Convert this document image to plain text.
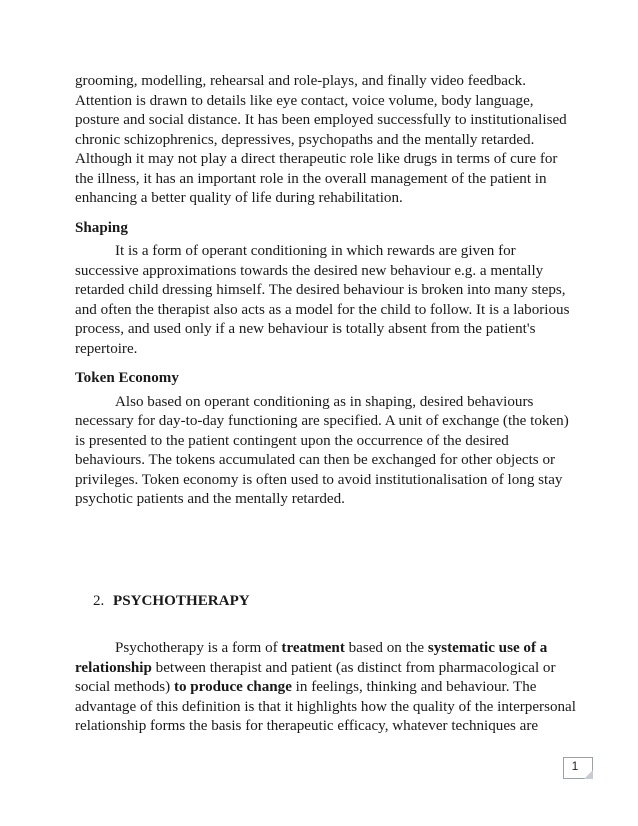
grooming, modelling, rehearsal and role-plays, and finally video feedback.
Attention is drawn to details like eye contact, voice volume, body language,
posture and social distance. It has been employed successfully to institutionalised
chronic schizophrenics, depressives, psychopaths and the mentally retarded.
Although it may not play a direct therapeutic role like drugs in terms of cure for
the illness, it has an important role in the overall management of the patient in
enhancing a better quality of life during rehabilitation.
Shaping
It is a form of operant conditioning in which rewards are given for
successive approximations towards the desired new behaviour e.g. a mentally
retarded child dressing himself. The desired behaviour is broken into many steps,
and often the therapist also acts as a model for the child to follow. It is a laborious
process, and used only if a new behaviour is totally absent from the patient's
repertoire.
Token Economy
Also based on operant conditioning as in shaping, desired behaviours
necessary for day-to-day functioning are specified. A unit of exchange (the token)
is presented to the patient contingent upon the occurrence of the desired
behaviours. The tokens accumulated can then be exchanged for other objects or
privileges. Token economy is often used to avoid institutionalisation of long stay
psychotic patients and the mentally retarded.
2. PSYCHOTHERAPY
Psychotherapy is a form of treatment based on the systematic use of a
relationship between therapist and patient (as distinct from pharmacological or
social methods) to produce change in feelings, thinking and behaviour. The
advantage of this definition is that it highlights how the quality of the interpersonal
relationship forms the basis for therapeutic efficacy, whatever techniques are
1
